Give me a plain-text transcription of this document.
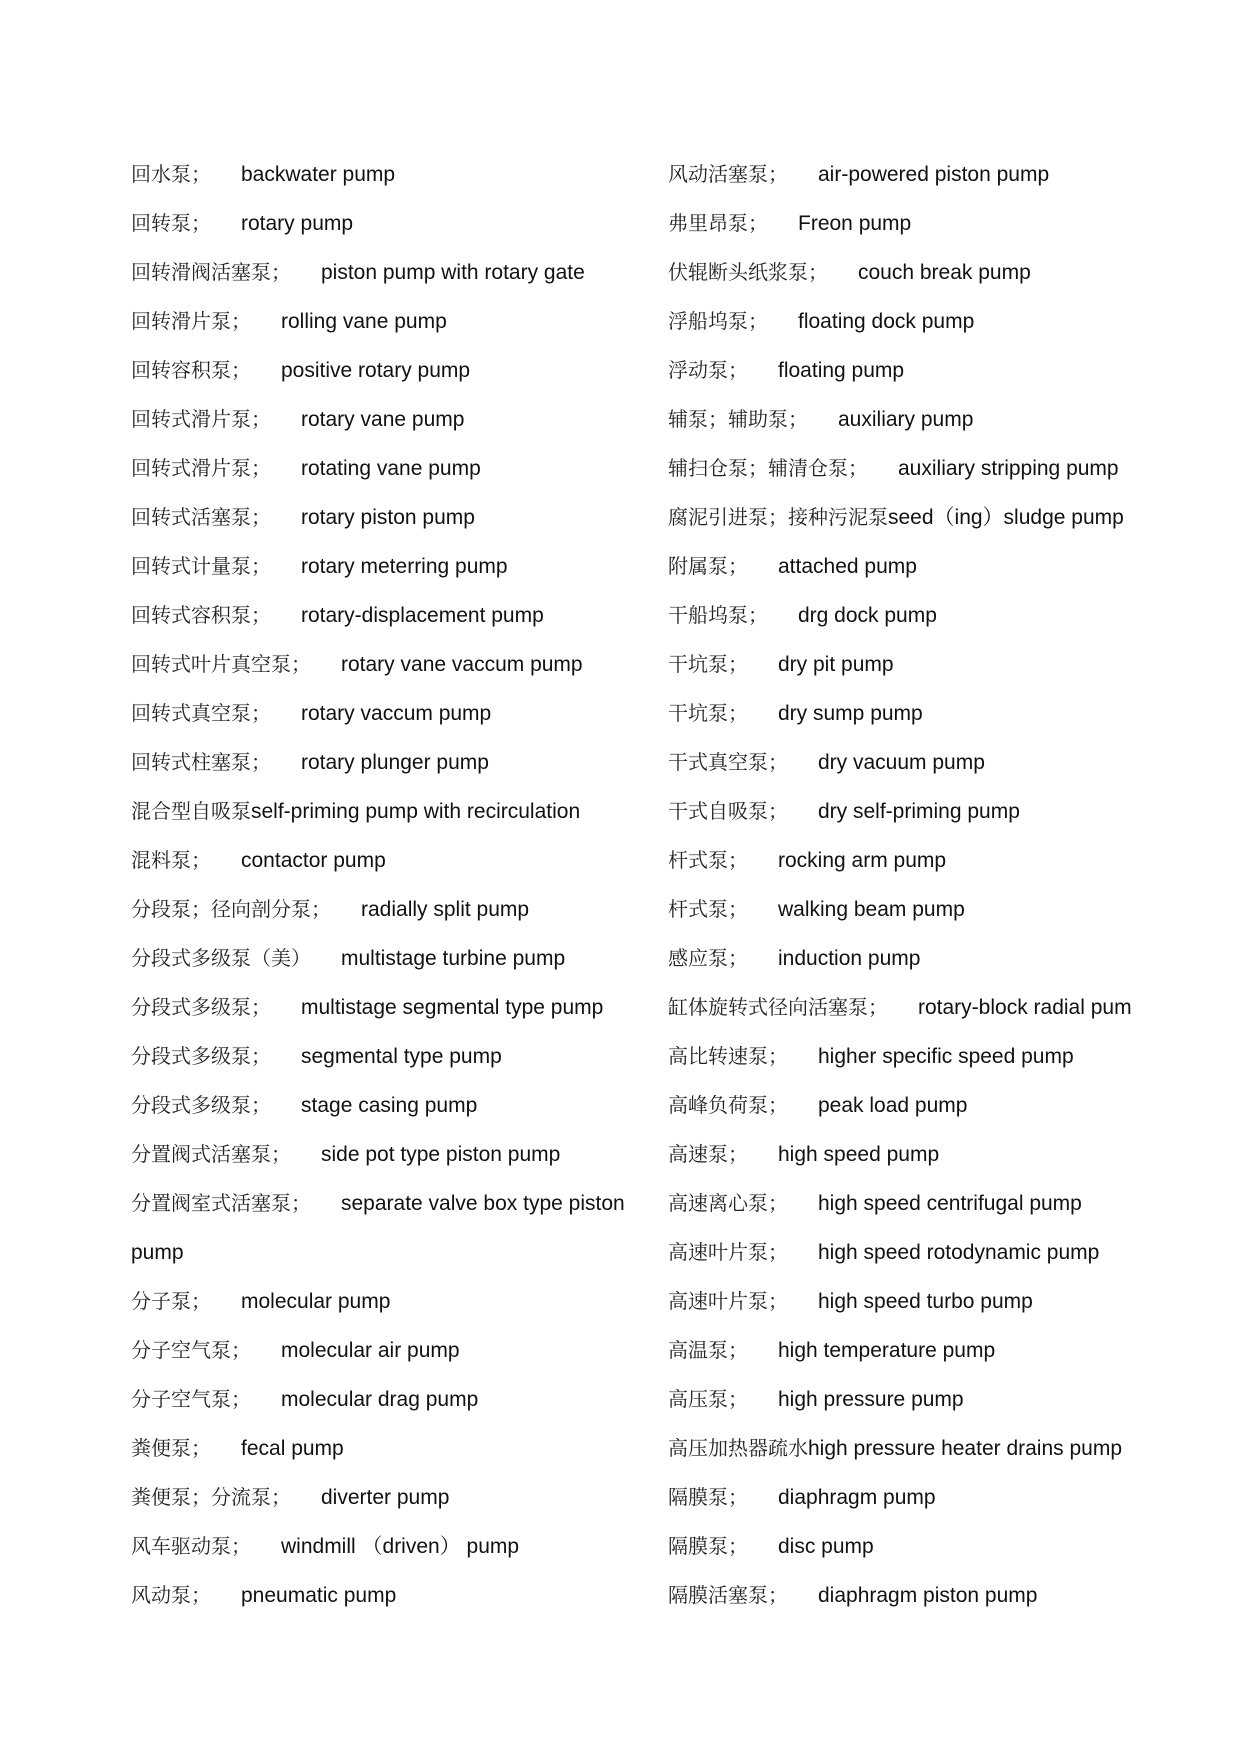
回水泵； backwater pump
回转泵； rotary pump
回转滑阀活塞泵； piston pump with rotary gate
回转滑片泵； rolling vane pump
回转容积泵； positive rotary pump
回转式滑片泵； rotary vane pump
回转式滑片泵； rotating vane pump
回转式活塞泵； rotary piston pump
回转式计量泵； rotary meterring pump
回转式容积泵； rotary-displacement pump
回转式叶片真空泵； rotary vane vaccum pump
回转式真空泵； rotary vaccum pump
回转式柱塞泵； rotary plunger pump
混合型自吸泵self-priming pump with recirculation
混料泵； contactor pump
分段泵；径向剖分泵； radially split pump
分段式多级泵（美） multistage turbine pump
分段式多级泵； multistage segmental type pump
分段式多级泵； segmental type pump
分段式多级泵； stage casing pump
分置阀式活塞泵； side pot type piston pump
分置阀室式活塞泵； separate valve box type piston
pump
分子泵； molecular pump
分子空气泵； molecular air pump
分子空气泵； molecular drag pump
粪便泵； fecal pump
粪便泵；分流泵； diverter pump
风车驱动泵； windmill （driven） pump
风动泵； pneumatic pump
风动活塞泵； air-powered piston pump
弗里昂泵； Freon pump
伏辊断头纸浆泵； couch break pump
浮船坞泵； floating dock pump
浮动泵； floating pump
辅泵；辅助泵； auxiliary pump
辅扫仓泵；辅清仓泵； auxiliary stripping pump
腐泥引进泵；接种污泥泵seed（ing）sludge pump
附属泵； attached pump
干船坞泵； drg dock pump
干坑泵； dry pit pump
干坑泵； dry sump pump
干式真空泵； dry vacuum pump
干式自吸泵； dry self-priming pump
杆式泵； rocking arm pump
杆式泵； walking beam pump
感应泵； induction pump
缸体旋转式径向活塞泵； rotary-block radial pum
高比转速泵； higher specific speed pump
高峰负荷泵； peak load pump
高速泵； high speed pump
高速离心泵； high speed centrifugal pump
高速叶片泵； high speed rotodynamic pump
高速叶片泵； high speed turbo pump
高温泵； high temperature pump
高压泵； high pressure pump
高压加热器疏水high pressure heater drains pump
隔膜泵； diaphragm pump
隔膜泵； disc pump
隔膜活塞泵； diaphragm piston pump
